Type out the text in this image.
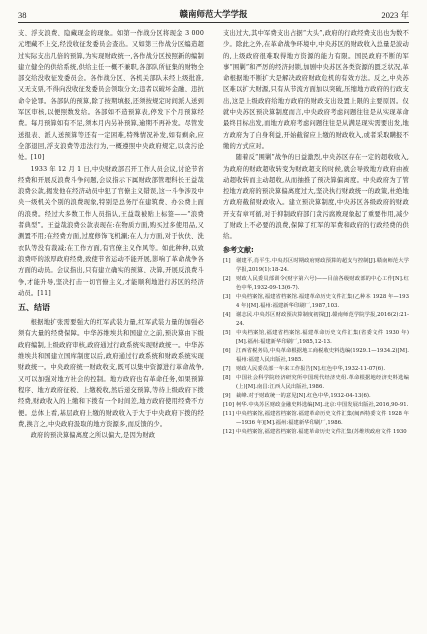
38	赣南师范大学学报	2023 年

支、浮支浪费、隐藏现金的现象。如第一作战分区将现金 3 000 元埋藏不上交,经没收征发委员会查出。又如第三作战分区编造超过实际支出几倍的预算,为实现财政统一,各作战分区按照新的编制建立健全的供给系统,供给主任一概不兼职,各部队所征集的财物全部交给没收征发委员会。各作战分区、各机关部队未经上级批准,又无支票,不得向没收征发委员会领取分文;违者以破坏金融、违抗命令论罪。各部队的预算,除了按期填报,还须按规定时间派人送到军区审核,以便照数发给。各部如不造预算表,停发下个月预算经费。每月预算如有不足,须本月内另补预算,逾期不再补发。尽管发送报表、派人送预算等还有一定困难,特殊情况补发,如有剩余,应全部退回,浮支浪费等违法行为,一概遵照中央政府规定,以贪污论处。[10]

1933 年 12 月 1 日,中央财政部召开工作人员会议,讨论节省经费和开展反浪费斗争问题,会议指示下属财政部管理科长王益哉浪费公款,揭发他在经济动员中犯了官僚主义错误,这一斗争涉及中央一级机关个别的浪费现象,特别是总务厅在建筑费、办公费上面的浪费。经过大多数工作人员指认,王益哉被贴上标签——“浪费者典型”。王益哉浪费公款表现在:在物质方面,购买过多使用品,又测置不用;在经费方面,过度修饰飞机涮;在人力方面,对于伙伕、洗衣队等没有裁减;在工作方面,有官僚主义作风等。如此种种,以致浪费吓的浓厚政府经费,致使节省运动不能开展,影响了革命战争各方面的动员。会议指出,只有建立确实的预算、决算,开展反浪费斗争,才能升导,坚决打击一切官僚主义,才能顺利地进行苏区的经济动员。[11]

五、结语

根据地扩张需要强大的红军武装力量,红军武装力量的加强必须有大量的经费保障。中华苏维埃共和国建立之前,预决算由下级政府编制,上级政府审核,政府通过行政系统实现财政统一。中华苏维埃共和国建立国库制度以后,政府通过行政系统和财政系统实现财政统一。中央政府统一财政收支,既可以集中资源进行革命战争,又可以加强对地方社会的控制。地方政府也有革命任务,如果预算程序、地方政府征税、上缴税收,然后递交预算,等待上级政府下拨经费,财政收入的上缴和下拨有一个时间差,地方政府使用经费不方便。总体上看,基层政府上缴的财政收入于大于中央政府下拨的经费,换言之,中央政府汲取的地方资源多,而反馈的少。

政府的预决算偏离度之所以偏大,是因为财政

支出过大,其中军费支出占据“大头”,政府的行政经费支出也为数不少。除此之外,在革命战争环境中,中央苏区的财政收入总量是波动的,上级政府很难取得地方资源的能力有限。国民政府不断的军事“围剿”和严厉的经济封锁,加剧中央苏区各类资源的匮乏状况,革命根据地不断扩大是解决政府财政危机的有效方法。反之,中央苏区难以扩大财源,只有从节流方面加以突破,压缩地方政府的行政支出,这是上级政府给地方政府的财政支出设置上限的主要原因。仅就中央苏区预决算制度而言,中央政府考虑问题往往是从实现革命最终目标出发,而地方政府考虑问题往往是从满足现实需要出发,地方政府为了自身利益,开始截留应上缴的财政收入,或者采取瞒报不缴的方式应对。

随着反“围剿”战争的日益激烈,中央苏区存在一定的超收收入,为政府的财政超收转变为财政超支的时候,就会导致地方政府由被动超收转而主动超收,从而抽推了预决算偏离度。中央政府为了管控地方政府的预决算偏离度过大,坚决执行财政统一的政策,杜绝地方政府截留财政收入。建立预决算制度,中央苏区各级政府的财政开支有章可循,对于抑制政府部门贪污腐败现象起了重要作用,减少了财政上不必要的浪费,保障了红军的军费和政府的行政经费的供给。

参考文献:
[1] 谢建平,肖平生.中央苏区时期政府财政预算的超支与控制[J].赣南师范大学学报,2019(1):18-24.
[2] 财政人民委员部训令(财字第六号)——目前各级财政部的中心工作[N].红色中华,1932-09-13(6-7).
[3] 中央档案馆,福建省档案馆.福建革命历史文件汇集(乙种本 1928 年—1934 年)[M].福州:福建新华印刷厂,1987,103.
[4] 谢志民.中央苏区财政预决算制度初探[J].赣南师范学院学报,2016(2):21-24.
[5] 中央档案馆,福建省档案馆.福建革命历史文件汇集(省委文件 1930 年)[M].福州:福建新华印刷厂,1985,12-13.
[6] 江西省税务局,中央革命根据地工商税收史料选编(1929.1—1934.2)[M].福州:福建人民出版社,1985.
[7] 财政人民委员部一年来工作报告[N].红色中华,1932-11-07(6).
[8] 中国社会科学院经济研究所中国现代经济史组.革命根据地经济史料选编(上)[M].南昌:江西人民出版社,1986.
[9] 裁峰.对于财政统一的意见[N].红色中华,1932-04-13(6).
[10] 柯华.中央苏区财政金融史料选编[M].北京:中国发展出版社,2016,90-91.
[11] 中央档案馆,福建省档案馆.福建革命历史文件汇集(闽西特委文件 1928 年—1936 年)[M].福州:福建新华印刷厂,1986.
[12] 中央档案馆,福建省档案馆.福建革命历史文件汇集(苏维埃政府文件 1930
